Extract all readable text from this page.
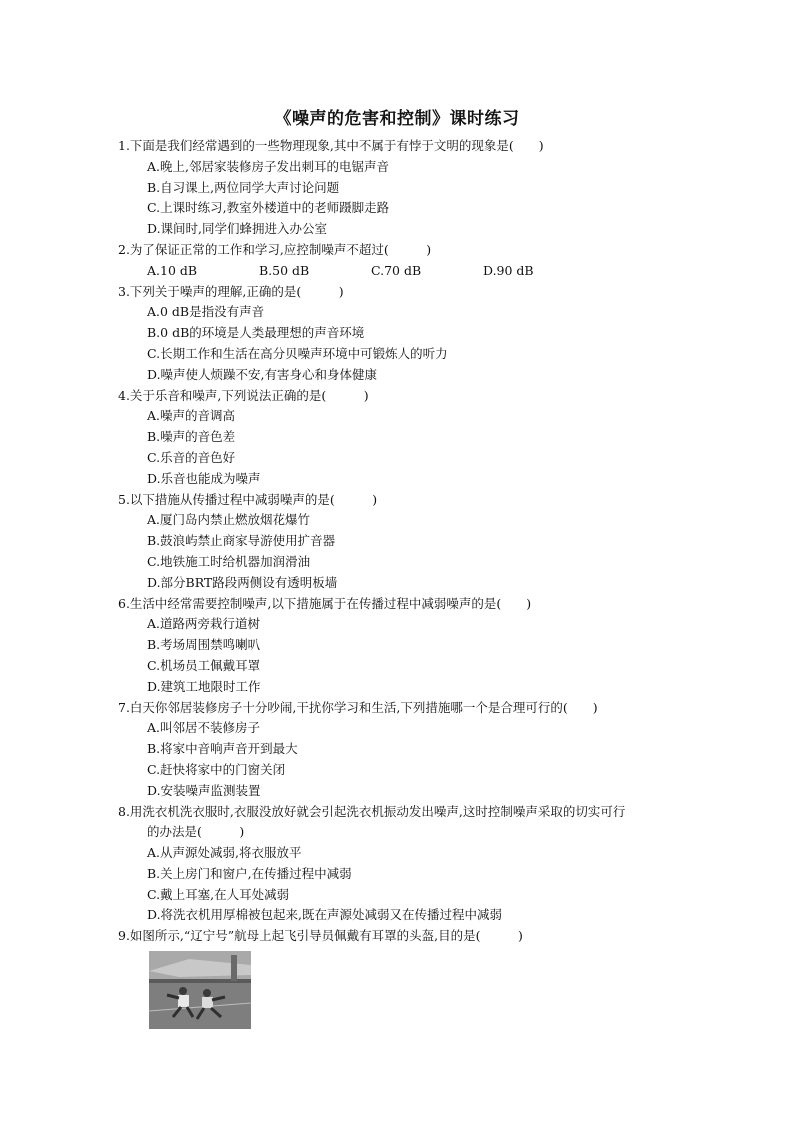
《噪声的危害和控制》课时练习

1.下面是我们经常遇到的一些物理现象,其中不属于有悖于文明的现象是(　　)

A.晚上,邻居家装修房子发出刺耳的电锯声音
B.自习课上,两位同学大声讨论问题
C.上课时练习,教室外楼道中的老师蹑脚走路
D.课间时,同学们蜂拥进入办公室

2.为了保证正常的工作和学习,应控制噪声不超过(　　　)

A.10 dB	B.50 dB	C.70 dB	D.90 dB

3.下列关于噪声的理解,正确的是(　　　)

A.0 dB是指没有声音
B.0 dB的环境是人类最理想的声音环境
C.长期工作和生活在高分贝噪声环境中可锻炼人的听力
D.噪声使人烦躁不安,有害身心和身体健康

4.关于乐音和噪声,下列说法正确的是(　　　)

A.噪声的音调高
B.噪声的音色差
C.乐音的音色好
D.乐音也能成为噪声

5.以下措施从传播过程中减弱噪声的是(　　　)

A.厦门岛内禁止燃放烟花爆竹
B.鼓浪屿禁止商家导游使用扩音器
C.地铁施工时给机器加润滑油
D.部分BRT路段两侧设有透明板墙

6.生活中经常需要控制噪声,以下措施属于在传播过程中减弱噪声的是(　　)

A.道路两旁栽行道树
B.考场周围禁鸣喇叭
C.机场员工佩戴耳罩
D.建筑工地限时工作

7.白天你邻居装修房子十分吵闹,干扰你学习和生活,下列措施哪一个是合理可行的(　　)

A.叫邻居不装修房子
B.将家中音响声音开到最大
C.赶快将家中的门窗关闭
D.安装噪声监测装置

8.用洗衣机洗衣服时,衣服没放好就会引起洗衣机振动发出噪声,这时控制噪声采取的切实可行

的办法是(　　　)

A.从声源处减弱,将衣服放平
B.关上房门和窗户,在传播过程中减弱
C.戴上耳塞,在人耳处减弱
D.将洗衣机用厚棉被包起来,既在声源处减弱又在传播过程中减弱

9.如图所示,“辽宁号”航母上起飞引导员佩戴有耳罩的头盔,目的是(　　　)
